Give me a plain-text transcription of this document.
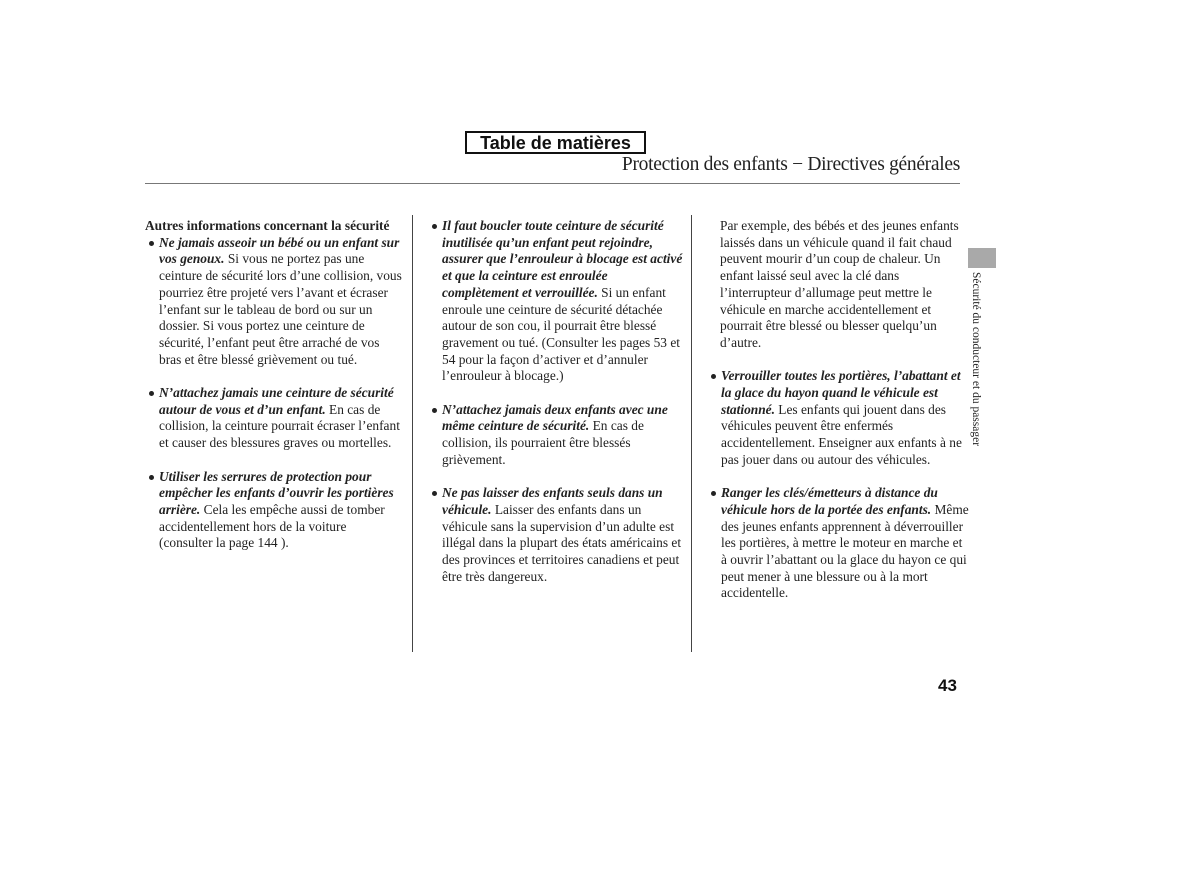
Table de matières
Protection des enfants − Directives générales

Autres informations concernant la sécurité

Ne jamais asseoir un bébé ou un enfant sur vos genoux. Si vous ne portez pas une ceinture de sécurité lors d’une collision, vous pourriez être projeté vers l’avant et écraser l’enfant sur le tableau de bord ou sur un dossier. Si vous portez une ceinture de sécurité, l’enfant peut être arraché de vos bras et être blessé grièvement ou tué.

N’attachez jamais une ceinture de sécurité autour de vous et d’un enfant. En cas de collision, la ceinture pourrait écraser l’enfant et causer des blessures graves ou mortelles.

Utiliser les serrures de protection pour empêcher les enfants d’ouvrir les portières arrière. Cela les empêche aussi de tomber accidentellement hors de la voiture (consulter la page 144 ).

Il faut boucler toute ceinture de sécurité inutilisée qu’un enfant peut rejoindre, assurer que l’enrouleur à blocage est activé et que la ceinture est enroulée complètement et verrouillée. Si un enfant enroule une ceinture de sécurité détachée autour de son cou, il pourrait être blessé gravement ou tué. (Consulter les pages 53 et 54 pour la façon d’activer et d’annuler l’enrouleur à blocage.)

N’attachez jamais deux enfants avec une même ceinture de sécurité. En cas de collision, ils pourraient être blessés grièvement.

Ne pas laisser des enfants seuls dans un véhicule. Laisser des enfants dans un véhicule sans la supervision d’un adulte est illégal dans la plupart des états américains et des provinces et territoires canadiens et peut être très dangereux.

Par exemple, des bébés et des jeunes enfants laissés dans un véhicule quand il fait chaud peuvent mourir d’un coup de chaleur. Un enfant laissé seul avec la clé dans l’interrupteur d’allumage peut mettre le véhicule en marche accidentellement et pourrait être blessé ou blesser quelqu’un d’autre.

Verrouiller toutes les portières, l’abattant et la glace du hayon quand le véhicule est stationné. Les enfants qui jouent dans des véhicules peuvent être enfermés accidentellement. Enseigner aux enfants à ne pas jouer dans ou autour des véhicules.

Ranger les clés/émetteurs à distance du véhicule hors de la portée des enfants. Même des jeunes enfants apprennent à déverrouiller les portières, à mettre le moteur en marche et à ouvrir l’abattant ou la glace du hayon ce qui peut mener à une blessure ou à la mort accidentelle.

Sécurité du conducteur et du passager
43
